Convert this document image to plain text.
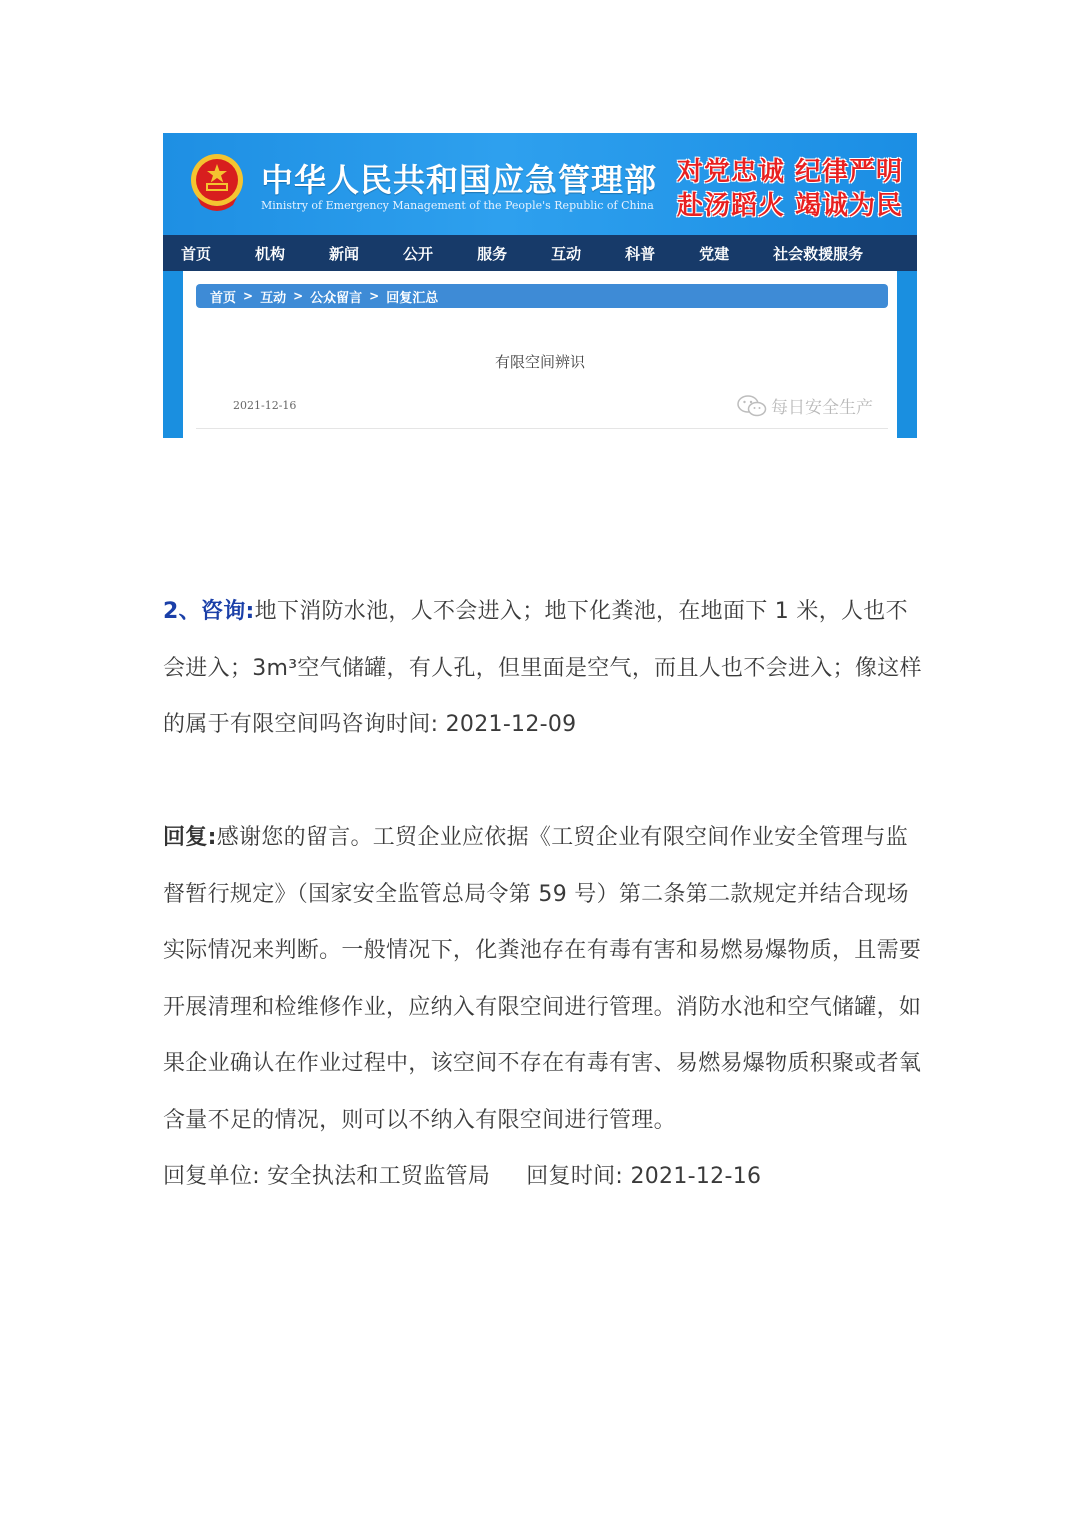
中华人民共和国应急管理部
Ministry of Emergency Management of the People's Republic of China
对党忠诚 纪律严明
赴汤蹈火 竭诚为民
首页	机构	新闻	公开	服务	互动	科普	党建	社会救援服务
首页 > 互动 > 公众留言 > 回复汇总
有限空间辨识
2021-12-16	每日安全生产
2、咨询:地下消防水池，人不会进入；地下化粪池，在地面下 1 米，人也不会进入；3m³空气储罐，有人孔，但里面是空气，而且人也不会进入；像这样的属于有限空间吗咨询时间: 2021-12-09
回复:感谢您的留言。工贸企业应依据《工贸企业有限空间作业安全管理与监督暂行规定》（国家安全监管总局令第 59 号）第二条第二款规定并结合现场实际情况来判断。一般情况下，化粪池存在有毒有害和易燃易爆物质，且需要开展清理和检维修作业，应纳入有限空间进行管理。消防水池和空气储罐，如果企业确认在作业过程中，该空间不存在有毒有害、易燃易爆物质积聚或者氧含量不足的情况，则可以不纳入有限空间进行管理。
回复单位: 安全执法和工贸监管局 回复时间: 2021-12-16
